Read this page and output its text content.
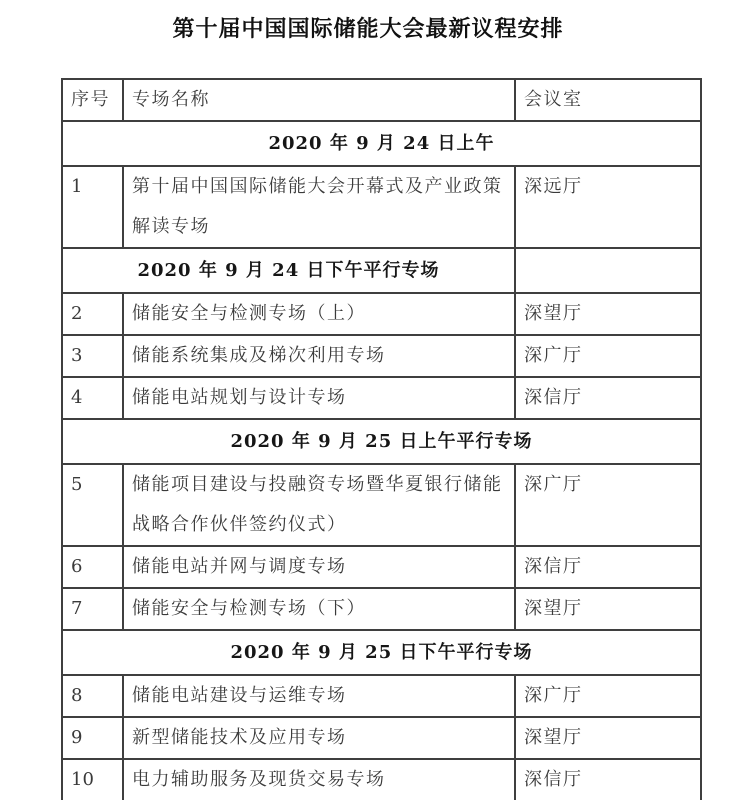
第十届中国国际储能大会最新议程安排
序号	专场名称	会议室
2020 年 9 月 24 日上午		
1	第十届中国国际储能大会开幕式及产业政策解读专场	深远厅
2020 年 9 月 24 日下午平行专场		
2	储能安全与检测专场（上）	深望厅
3	储能系统集成及梯次利用专场	深广厅
4	储能电站规划与设计专场	深信厅
2020 年 9 月 25 日上午平行专场		
5	储能项目建设与投融资专场暨华夏银行储能战略合作伙伴签约仪式）	深广厅
6	储能电站并网与调度专场	深信厅
7	储能安全与检测专场（下）	深望厅
2020 年 9 月 25 日下午平行专场		
8	储能电站建设与运维专场	深广厅
9	新型储能技术及应用专场	深望厅
10	电力辅助服务及现货交易专场	深信厅
